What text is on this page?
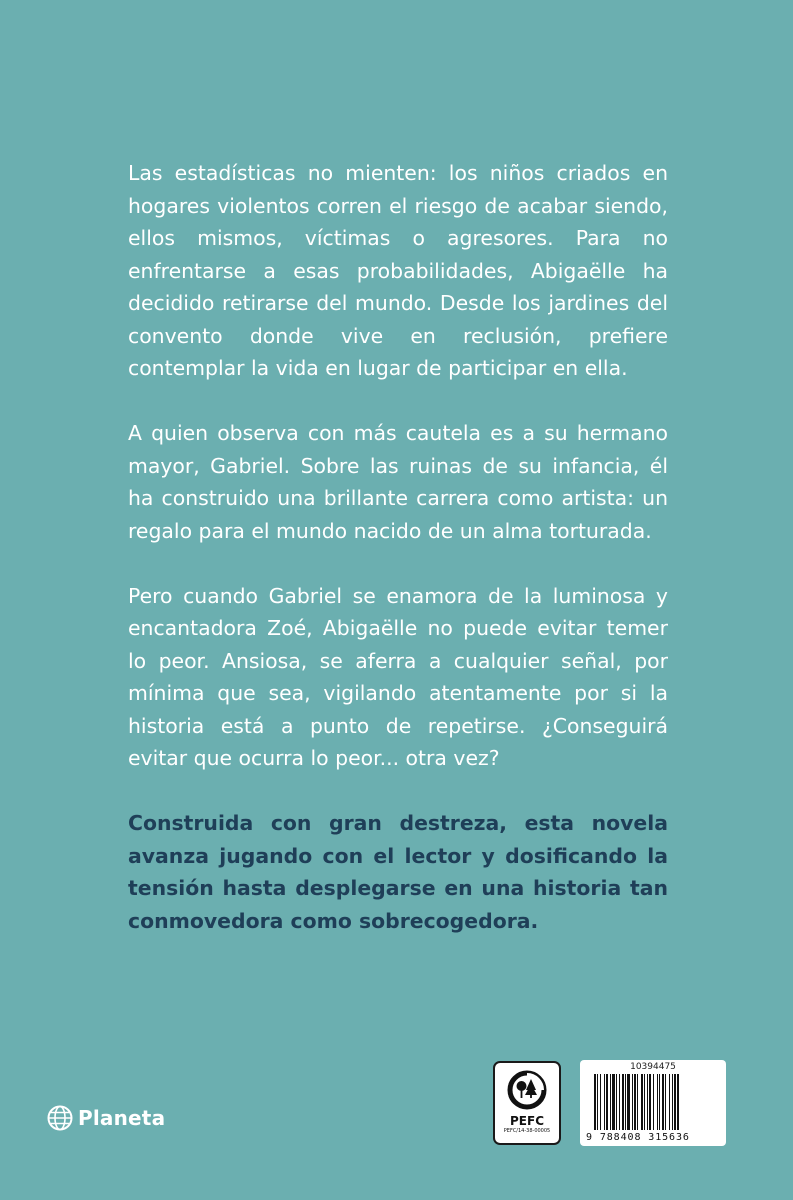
Las estadísticas no mienten: los niños criados en hogares violentos corren el riesgo de acabar siendo, ellos mismos, víctimas o agresores. Para no enfrentarse a esas probabilidades, Abigaëlle ha decidido retirarse del mundo. Desde los jardines del convento donde vive en reclusión, prefiere contemplar la vida en lugar de participar en ella.

A quien observa con más cautela es a su hermano mayor, Gabriel. Sobre las ruinas de su infancia, él ha construido una brillante carrera como artista: un regalo para el mundo nacido de un alma torturada.

Pero cuando Gabriel se enamora de la luminosa y encantadora Zoé, Abigaëlle no puede evitar temer lo peor. Ansiosa, se aferra a cualquier señal, por mínima que sea, vigilando atentamente por si la historia está a punto de repetirse. ¿Conseguirá evitar que ocurra lo peor... otra vez?

Construida con gran destreza, esta novela avanza jugando con el lector y dosificando la tensión hasta desplegarse en una historia tan conmovedora como sobrecogedora.

Planeta	PEFC
PEFC/14-38-00005
10394475
9 788408 315636
